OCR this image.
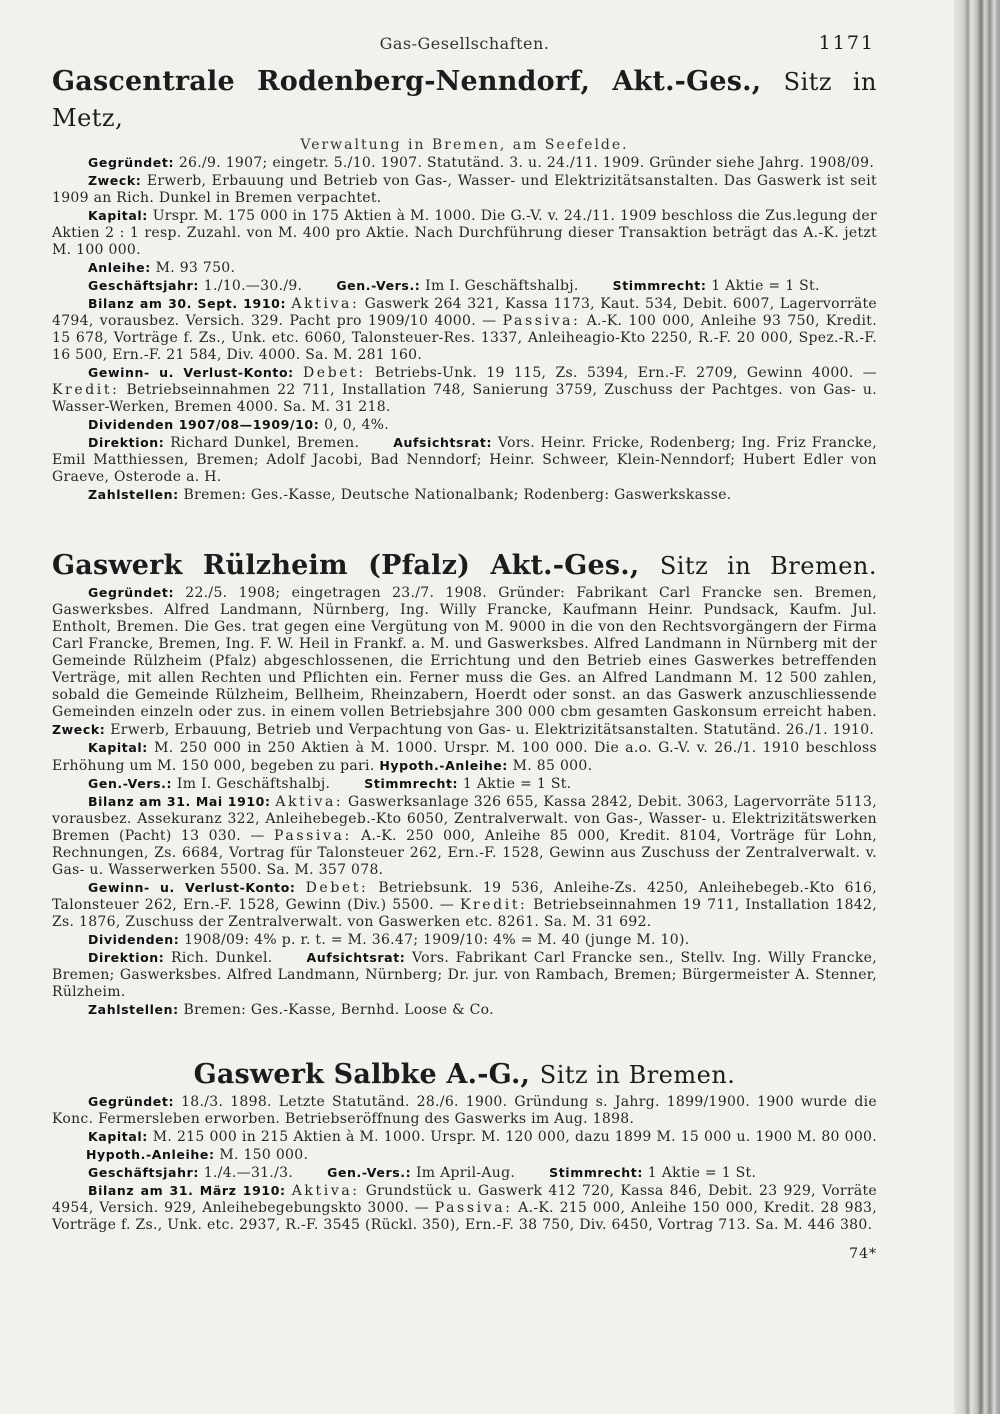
Gas-Gesellschaften.	1171
Gascentrale Rodenberg-Nenndorf, Akt.-Ges., Sitz in Metz,
Verwaltung in Bremen, am Seefelde.

Gegründet: 26./9. 1907; eingetr. 5./10. 1907. Statutänd. 3. u. 24./11. 1909. Gründer siehe Jahrg. 1908/09.

Zweck: Erwerb, Erbauung und Betrieb von Gas-, Wasser- und Elektrizitätsanstalten. Das Gaswerk ist seit 1909 an Rich. Dunkel in Bremen verpachtet.

Kapital: Urspr. M. 175 000 in 175 Aktien à M. 1000. Die G.-V. v. 24./11. 1909 beschloss die Zus.legung der Aktien 2 : 1 resp. Zuzahl. von M. 400 pro Aktie. Nach Durchführung dieser Transaktion beträgt das A.-K. jetzt M. 100 000.

Anleihe: M. 93 750.

Geschäftsjahr: 1./10.—30./9.	Gen.-Vers.: Im I. Geschäftshalbj.	Stimmrecht: 1 Aktie = 1 St.

Bilanz am 30. Sept. 1910: Aktiva: Gaswerk 264 321, Kassa 1173, Kaut. 534, Debit. 6007, Lagervorräte 4794, vorausbez. Versich. 329. Pacht pro 1909/10 4000. — Passiva: A.-K. 100 000, Anleihe 93 750, Kredit. 15 678, Vorträge f. Zs., Unk. etc. 6060, Talonsteuer-Res. 1337, Anleiheagio-Kto 2250, R.-F. 20 000, Spez.-R.-F. 16 500, Ern.-F. 21 584, Div. 4000. Sa. M. 281 160.

Gewinn- u. Verlust-Konto: Debet: Betriebs-Unk. 19 115, Zs. 5394, Ern.-F. 2709, Gewinn 4000. — Kredit: Betriebseinnahmen 22 711, Installation 748, Sanierung 3759, Zuschuss der Pachtges. von Gas- u. Wasser-Werken, Bremen 4000. Sa. M. 31 218.

Dividenden 1907/08—1909/10: 0, 0, 4%.

Direktion: Richard Dunkel, Bremen.	Aufsichtsrat: Vors. Heinr. Fricke, Rodenberg; Ing. Friz Francke, Emil Matthiessen, Bremen; Adolf Jacobi, Bad Nenndorf; Heinr. Schweer, Klein-Nenndorf; Hubert Edler von Graeve, Osterode a. H.

Zahlstellen: Bremen: Ges.-Kasse, Deutsche Nationalbank; Rodenberg: Gaswerkskasse.

Gaswerk Rülzheim (Pfalz) Akt.-Ges., Sitz in Bremen.

Gegründet: 22./5. 1908; eingetragen 23./7. 1908. Gründer: Fabrikant Carl Francke sen. Bremen, Gaswerksbes. Alfred Landmann, Nürnberg, Ing. Willy Francke, Kaufmann Heinr. Pundsack, Kaufm. Jul. Entholt, Bremen. Die Ges. trat gegen eine Vergütung von M. 9000 in die von den Rechtsvorgängern der Firma Carl Francke, Bremen, Ing. F. W. Heil in Frankf. a. M. und Gaswerksbes. Alfred Landmann in Nürnberg mit der Gemeinde Rülzheim (Pfalz) abgeschlossenen, die Errichtung und den Betrieb eines Gaswerkes betreffenden Verträge, mit allen Rechten und Pflichten ein. Ferner muss die Ges. an Alfred Landmann M. 12 500 zahlen, sobald die Gemeinde Rülzheim, Bellheim, Rheinzabern, Hoerdt oder sonst. an das Gaswerk anzuschliessende Gemeinden einzeln oder zus. in einem vollen Betriebsjahre 300 000 cbm gesamten Gaskonsum erreicht haben. Zweck: Erwerb, Erbauung, Betrieb und Verpachtung von Gas- u. Elektrizitätsanstalten. Statutänd. 26./1. 1910.

Kapital: M. 250 000 in 250 Aktien à M. 1000. Urspr. M. 100 000. Die a.o. G.-V. v. 26./1. 1910 beschloss Erhöhung um M. 150 000, begeben zu pari. Hypoth.-Anleihe: M. 85 000.

Gen.-Vers.: Im I. Geschäftshalbj.	Stimmrecht: 1 Aktie = 1 St.

Bilanz am 31. Mai 1910: Aktiva: Gaswerksanlage 326 655, Kassa 2842, Debit. 3063, Lagervorräte 5113, vorausbez. Assekuranz 322, Anleihebegeb.-Kto 6050, Zentralverwalt. von Gas-, Wasser- u. Elektrizitätswerken Bremen (Pacht) 13 030. — Passiva: A.-K. 250 000, Anleihe 85 000, Kredit. 8104, Vorträge für Lohn, Rechnungen, Zs. 6684, Vortrag für Talonsteuer 262, Ern.-F. 1528, Gewinn aus Zuschuss der Zentralverwalt. v. Gas- u. Wasserwerken 5500. Sa. M. 357 078.

Gewinn- u. Verlust-Konto: Debet: Betriebsunk. 19 536, Anleihe-Zs. 4250, Anleihebegeb.-Kto 616, Talonsteuer 262, Ern.-F. 1528, Gewinn (Div.) 5500. — Kredit: Betriebseinnahmen 19 711, Installation 1842, Zs. 1876, Zuschuss der Zentralverwalt. von Gaswerken etc. 8261. Sa. M. 31 692.

Dividenden: 1908/09: 4% p. r. t. = M. 36.47; 1909/10: 4% = M. 40 (junge M. 10).

Direktion: Rich. Dunkel.	Aufsichtsrat: Vors. Fabrikant Carl Francke sen., Stellv. Ing. Willy Francke, Bremen; Gaswerksbes. Alfred Landmann, Nürnberg; Dr. jur. von Rambach, Bremen; Bürgermeister A. Stenner, Rülzheim.

Zahlstellen: Bremen: Ges.-Kasse, Bernhd. Loose & Co.

Gaswerk Salbke A.-G., Sitz in Bremen.

Gegründet: 18./3. 1898. Letzte Statutänd. 28./6. 1900. Gründung s. Jahrg. 1899/1900. 1900 wurde die Konc. Fermersleben erworben. Betriebseröffnung des Gaswerks im Aug. 1898.

Kapital: M. 215 000 in 215 Aktien à M. 1000. Urspr. M. 120 000, dazu 1899 M. 15 000 u. 1900 M. 80 000.Hypoth.-Anleihe: M. 150 000.

Geschäftsjahr: 1./4.—31./3.	Gen.-Vers.: Im April-Aug.	Stimmrecht: 1 Aktie = 1 St.

Bilanz am 31. März 1910: Aktiva: Grundstück u. Gaswerk 412 720, Kassa 846, Debit. 23 929, Vorräte 4954, Versich. 929, Anleihebegebungskto 3000. — Passiva: A.-K. 215 000, Anleihe 150 000, Kredit. 28 983, Vorträge f. Zs., Unk. etc. 2937, R.-F. 3545 (Rückl. 350), Ern.-F. 38 750, Div. 6450, Vortrag 713. Sa. M. 446 380.

74*
